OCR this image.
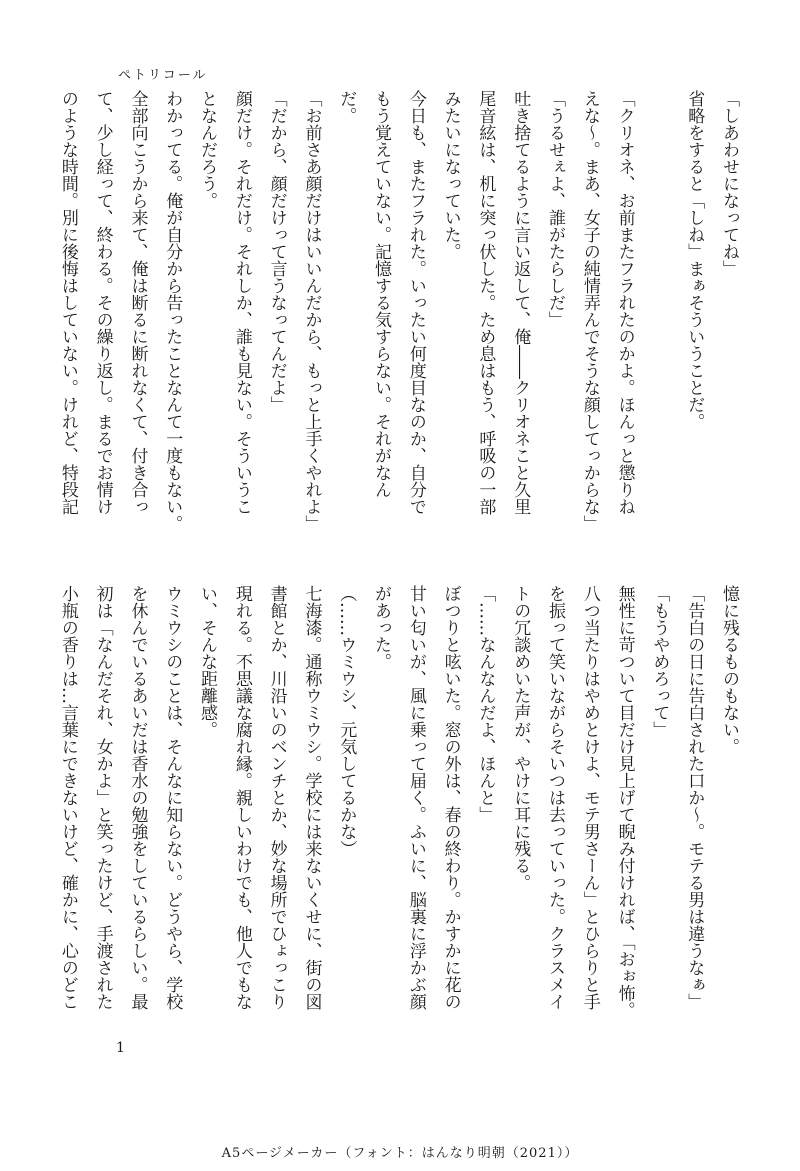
ペトリコール

「しあわせになってね」

省略をすると「しね」まぁそういうことだ。

「クリオネ、お前またフラれたのかよ。ほんっと懲りね

えな～。まあ、女子の純情弄んでそうな顔してっからな」

「うるせぇよ、誰がたらしだ」

吐き捨てるように言い返して、俺――クリオネこと久里

尾音絃は、机に突っ伏した。ため息はもう、呼吸の一部

みたいになっていた。

今日も、またフラれた。いったい何度目なのか、自分で

もう覚えていない。記憶する気すらない。それがなん

だ。

「お前さあ顔だけはいいんだから、もっと上手くやれよ」

「だから、顔だけって言うなってんだよ」

顔だけ。それだけ。それしか、誰も見ない。そういうこ

となんだろう。

わかってる。俺が自分から告ったことなんて一度もない。

全部向こうから来て、俺は断るに断れなくて、付き合っ

て、少し経って、終わる。その繰り返し。まるでお情け

のような時間。別に後悔はしていない。けれど、特段記

憶に残るものもない。

「告白の日に告白された口か～。モテる男は違うなぁ」

「もうやめろって」

無性に苛ついて目だけ見上げて睨み付ければ、「おぉ怖。

八つ当たりはやめとけよ、モテ男さーん」とひらりと手

を振って笑いながらそいつは去っていった。クラスメイ

トの冗談めいた声が、やけに耳に残る。

「……なんなんだよ、ほんと」

ぼつりと呟いた。窓の外は、春の終わり。かすかに花の

甘い匂いが、風に乗って届く。ふいに、脳裏に浮かぶ顔

があった。

（……ウミウシ、元気してるかな）

七海漆。通称ウミウシ。学校には来ないくせに、街の図

書館とか、川沿いのベンチとか、妙な場所でひょっこり

現れる。不思議な腐れ縁。親しいわけでも、他人でもな

い、そんな距離感。

ウミウシのことは、そんなに知らない。どうやら、学校

を休んでいるあいだは香水の勉強をしているらしい。最

初は「なんだそれ、女かよ」と笑ったけど、手渡された

小瓶の香りは…言葉にできないけど、確かに、心のどこ

1
A5ページメーカー（フォント：はんなり明朝（2021））
